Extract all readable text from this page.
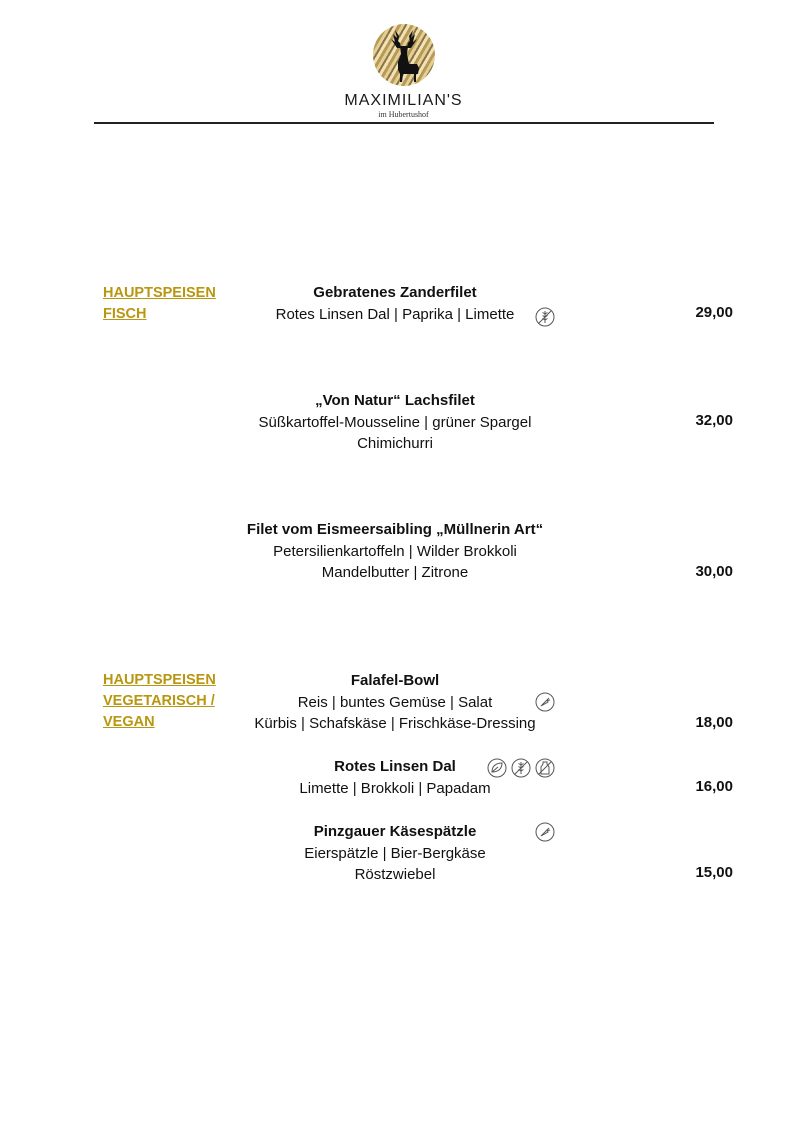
MAXIMILIAN'S
im Hubertushof
HAUPTSPEISEN
FISCH
HAUPTSPEISEN
VEGETARISCH /
VEGAN
Gebratenes Zanderfilet
Rotes Linsen Dal | Paprika | Limette	29,00
„Von Natur“ Lachsfilet
Süßkartoffel-Mousseline | grüner Spargel
Chimichurri
32,00
Filet vom Eismeersaibling „Müllnerin Art“
Petersilienkartoffeln | Wilder Brokkoli
Mandelbutter | Zitrone	30,00
Falafel-Bowl
Reis | buntes Gemüse | Salat
Kürbis | Schafskäse | Frischkäse-Dressing	18,00
Rotes Linsen Dal
Limette | Brokkoli | Papadam	16,00
Pinzgauer Käsespätzle
Eierspätzle | Bier-Bergkäse
Röstzwiebel	15,00
